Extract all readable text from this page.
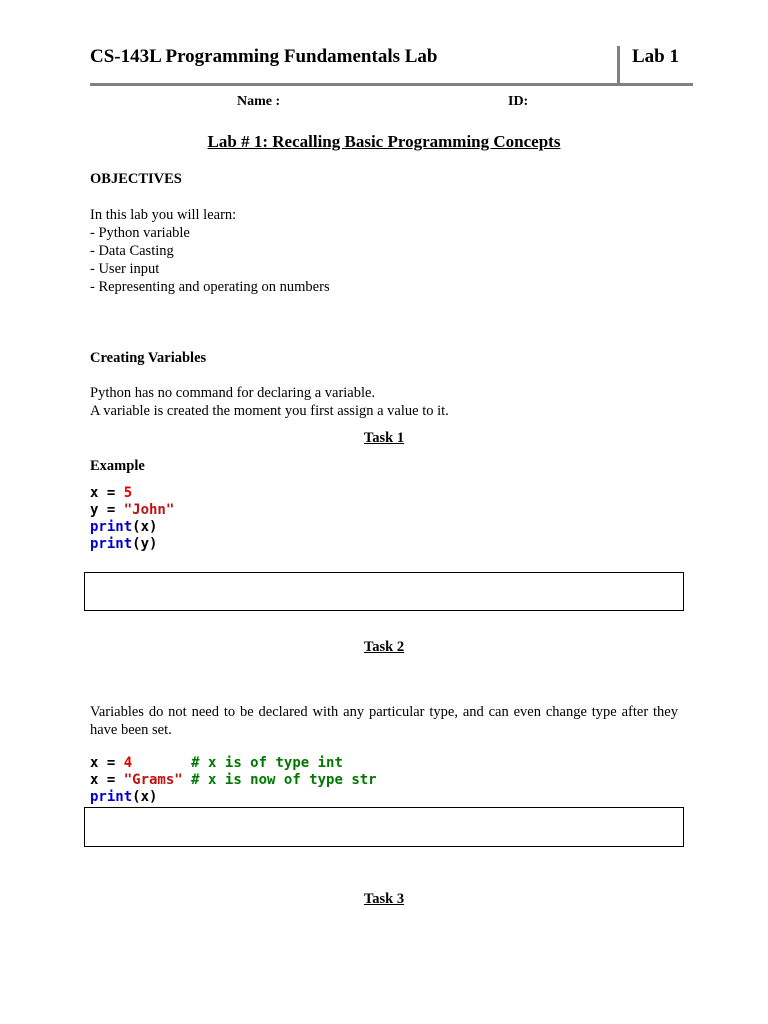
CS-143L Programming Fundamentals Lab	Lab 1
Name :	ID:
Lab # 1: Recalling Basic Programming Concepts
OBJECTIVES
In this lab you will learn:
- Python variable
- Data Casting
- User input
- Representing and operating on numbers
Creating Variables
Python has no command for declaring a variable.
A variable is created the moment you first assign a value to it.
Task 1
Example
x = 5
y = "John"
print(x)
print(y)
Task 2
Variables do not need to be declared with any particular type, and can even change type after they have been set.
x = 4	# x is of type int
x = "Grams" # x is now of type str
print(x)
Task 3
